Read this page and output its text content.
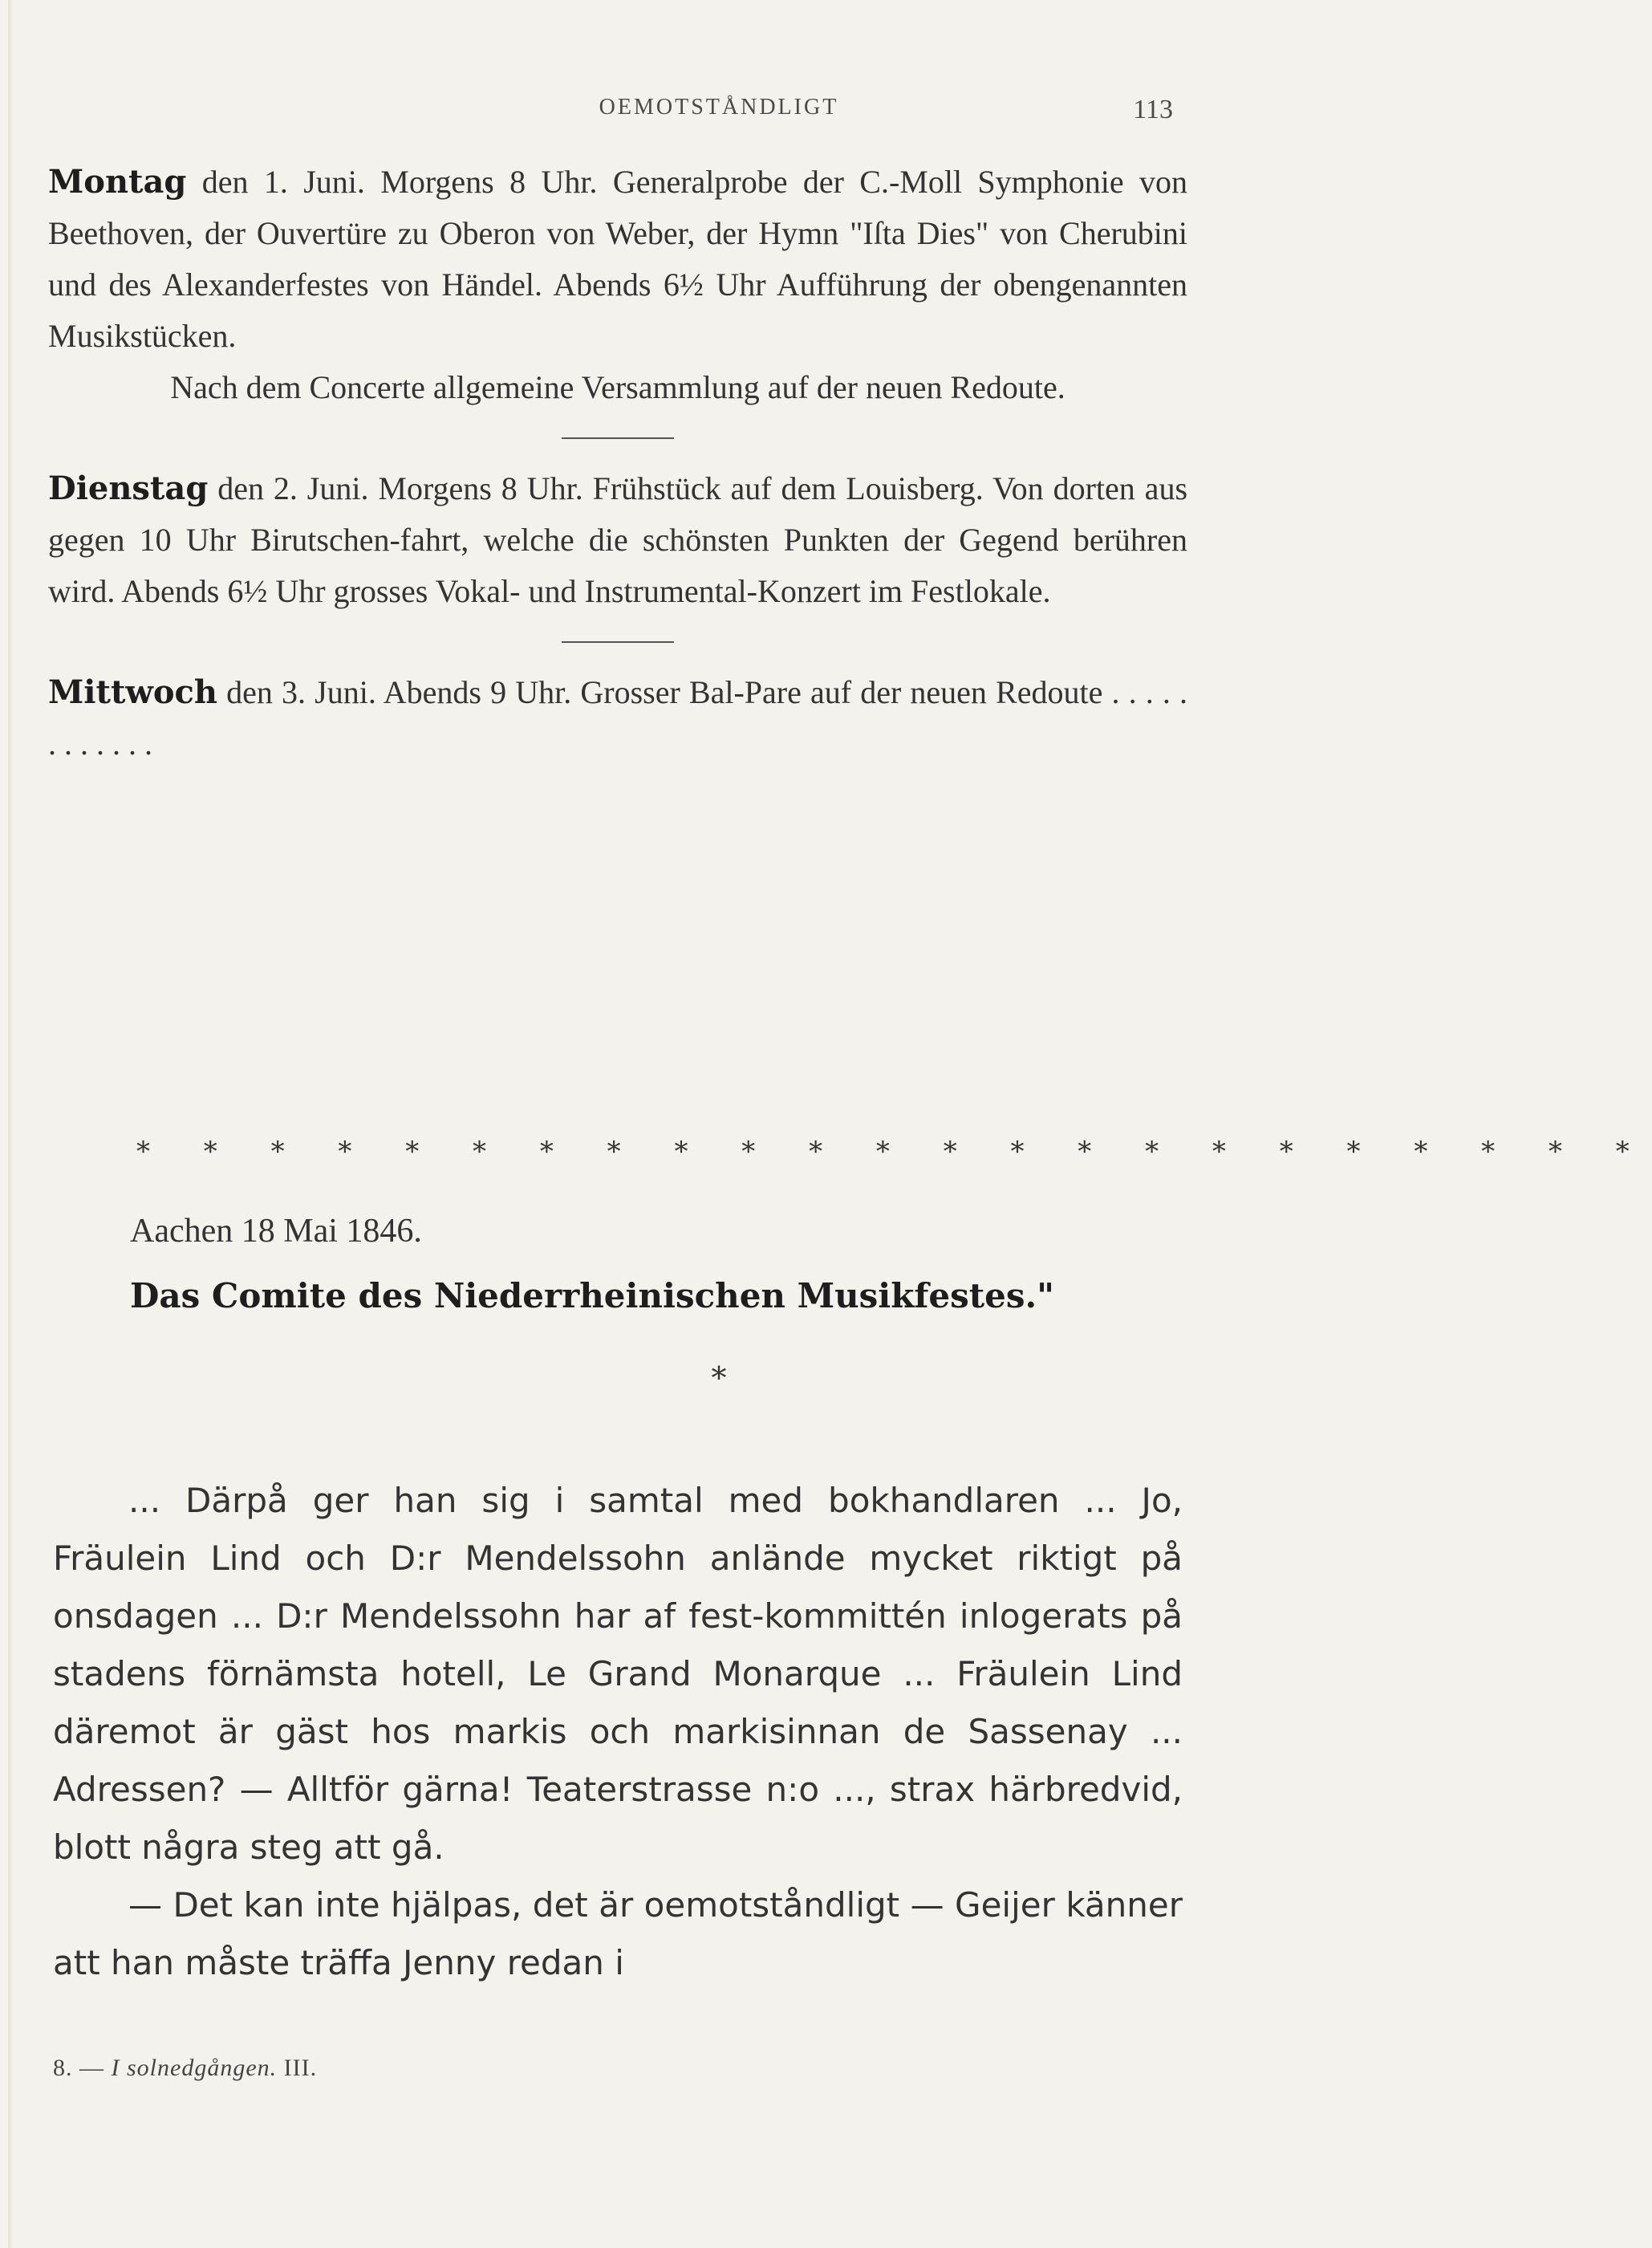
OEMOTSTÅNDLIGT	113

Montag den 1. Juni. Morgens 8 Uhr. Generalprobe der C.-Moll Symphonie von Beethoven, der Ouvertüre zu Oberon von Weber, der Hymn "Iſta Dies" von Cherubini und des Alexanderfestes von Händel. Abends 6½ Uhr Aufführung der obengenannten Musikstücken.

Nach dem Concerte allgemeine Versammlung auf der neuen Redoute.

Dienstag den 2. Juni. Morgens 8 Uhr. Frühstück auf dem Louisberg. Von dorten aus gegen 10 Uhr Birutschen-fahrt, welche die schönsten Punkten der Gegend berühren wird. Abends 6½ Uhr grosses Vokal- und Instrumental-Konzert im Festlokale.

Mittwoch den 3. Juni. Abends 9 Uhr. Grosser Bal-Pare auf der neuen Redoute . . . . . . . . . . . .

* * * * * * * * * * * * * * * * * * * * * * *
Aachen 18 Mai 1846.
Das Comite des Niederrheinischen Musikfestes."
*

... Därpå ger han sig i samtal med bokhandlaren ... Jo, Fräulein Lind och D:r Mendelssohn anlände mycket riktigt på onsdagen ... D:r Mendelssohn har af fest-kommittén inlogerats på stadens förnämsta hotell, Le Grand Monarque ... Fräulein Lind däremot är gäst hos markis och markisinnan de Sassenay ... Adressen? — Alltför gärna! Teaterstrasse n:o ..., strax härbredvid, blott några steg att gå.

— Det kan inte hjälpas, det är oemotståndligt — Geijer känner att han måste träffa Jenny redan i

8. — I solnedgången. III.
